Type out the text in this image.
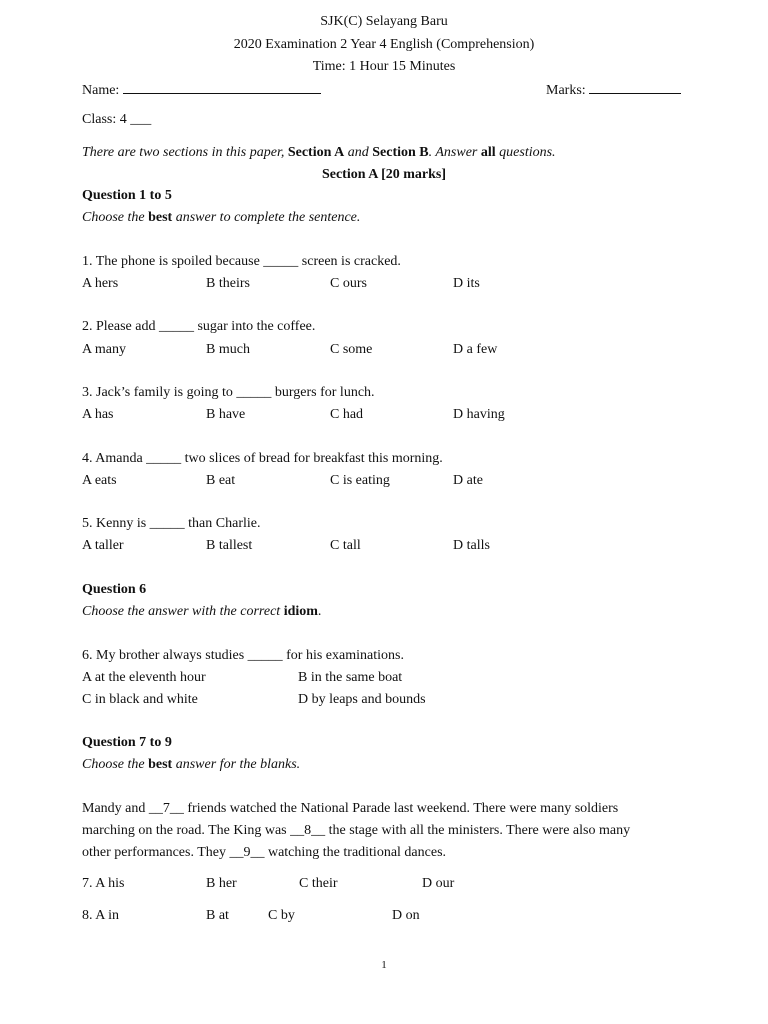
SJK(C) Selayang Baru
2020 Examination 2 Year 4 English (Comprehension)
Time: 1 Hour 15 Minutes
Name:	Marks:
Class: 4 ___
There are two sections in this paper, Section A and Section B. Answer all questions.
Section A [20 marks]
Question 1 to 5
Choose the best answer to complete the sentence.
1. The phone is spoiled because _____ screen is cracked.
A hers	B theirs	C ours	D its
2. Please add _____ sugar into the coffee.
A many	B much	C some	D a few
3. Jack’s family is going to _____ burgers for lunch.
A has	B have	C had	D having
4. Amanda _____ two slices of bread for breakfast this morning.
A eats	B eat	C is eating	D ate
5. Kenny is _____ than Charlie.
A taller	B tallest	C tall	D talls
Question 6
Choose the answer with the correct idiom.
6. My brother always studies _____ for his examinations.
A at the eleventh hour	B in the same boat
C in black and white	D by leaps and bounds
Question 7 to 9
Choose the best answer for the blanks.
Mandy and __7__ friends watched the National Parade last weekend. There were many soldiers
marching on the road. The King was __8__ the stage with all the ministers. There were also many
other performances. They __9__ watching the traditional dances.
7. A his	B her	C their	D our
8. A in	B at	C by	D on
1
